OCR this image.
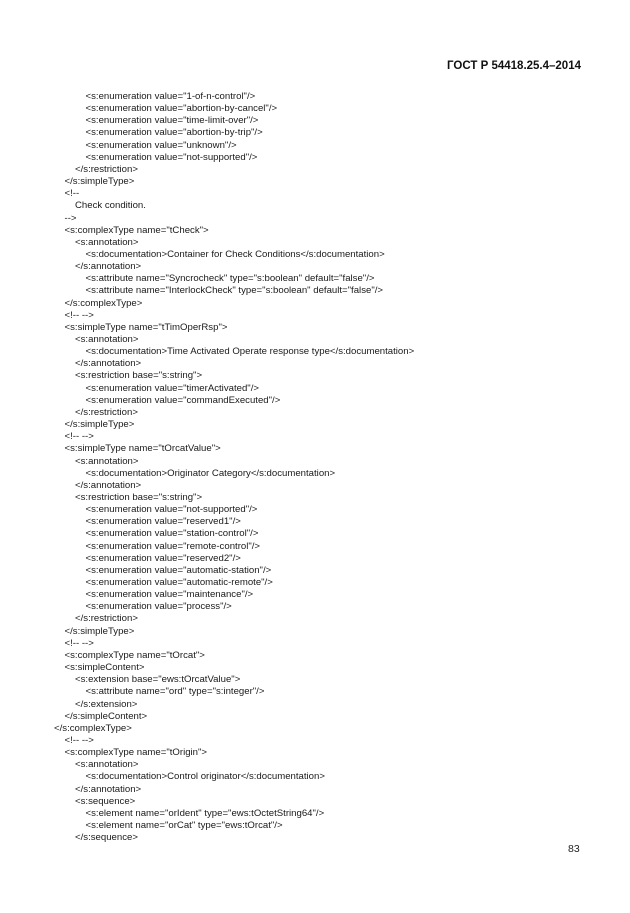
ГОСТ Р 54418.25.4–2014
<s:enumeration value="1-of-n-control"/>
<s:enumeration value="abortion-by-cancel"/>
<s:enumeration value="time-limit-over"/>
<s:enumeration value="abortion-by-trip"/>
<s:enumeration value="unknown"/>
<s:enumeration value="not-supported"/>
</s:restriction>
</s:simpleType>
<!--
Check condition.
-->
<s:complexType name="tCheck">
<s:annotation>
<s:documentation>Container for Check Conditions</s:documentation>
</s:annotation>
<s:attribute name="Syncrocheck" type="s:boolean" default="false"/>
<s:attribute name="InterlockCheck" type="s:boolean" default="false"/>
</s:complexType>
<!-- -->
<s:simpleType name="tTimOperRsp">
<s:annotation>
<s:documentation>Time Activated Operate response type</s:documentation>
</s:annotation>
<s:restriction base="s:string">
<s:enumeration value="timerActivated"/>
<s:enumeration value="commandExecuted"/>
</s:restriction>
</s:simpleType>
<!-- -->
<s:simpleType name="tOrcatValue">
<s:annotation>
<s:documentation>Originator Category</s:documentation>
</s:annotation>
<s:restriction base="s:string">
<s:enumeration value="not-supported"/>
<s:enumeration value="reserved1"/>
<s:enumeration value="station-control"/>
<s:enumeration value="remote-control"/>
<s:enumeration value="reserved2"/>
<s:enumeration value="automatic-station"/>
<s:enumeration value="automatic-remote"/>
<s:enumeration value="maintenance"/>
<s:enumeration value="process"/>
</s:restriction>
</s:simpleType>
<!-- -->
<s:complexType name="tOrcat">
<s:simpleContent>
<s:extension base="ews:tOrcatValue">
<s:attribute name="ord" type="s:integer"/>
</s:extension>
</s:simpleContent>
</s:complexType>
<!-- -->
<s:complexType name="tOrigin">
<s:annotation>
<s:documentation>Control originator</s:documentation>
</s:annotation>
<s:sequence>
<s:element name="orIdent" type="ews:tOctetString64"/>
<s:element name="orCat" type="ews:tOrcat"/>
</s:sequence>
83
